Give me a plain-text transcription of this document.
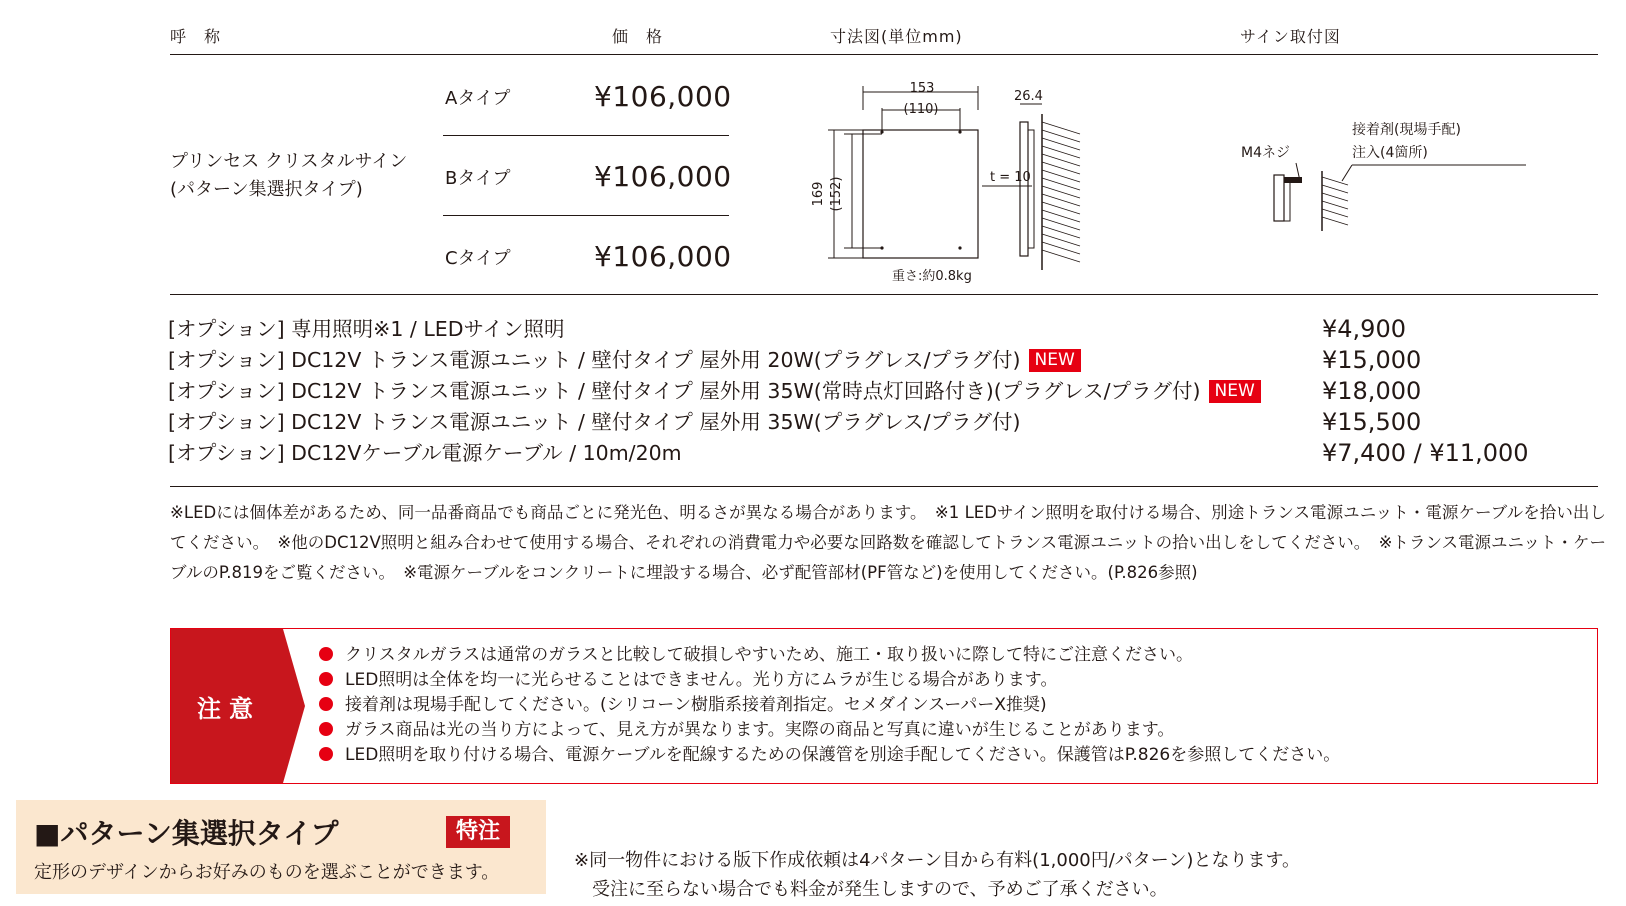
呼　称	価　格	寸法図(単位mm)	サイン取付図
プリンセス クリスタルサイン
(パターン集選択タイプ)
Aタイプ	¥106,000
Bタイプ	¥106,000
Cタイプ	¥106,000
153
(110)
169 (152)
26.4
t = 10
重さ:約0.8kg
接着剤(現場手配)
注入(4箇所)
M4ネジ
[オプション] 専用照明※1 / LEDサイン照明	¥4,900
[オプション] DC12V トランス電源ユニット / 壁付タイプ 屋外用 20W(プラグレス/プラグ付) NEW	¥15,000
[オプション] DC12V トランス電源ユニット / 壁付タイプ 屋外用 35W(常時点灯回路付き)(プラグレス/プラグ付) NEW	¥18,000
[オプション] DC12V トランス電源ユニット / 壁付タイプ 屋外用 35W(プラグレス/プラグ付)	¥15,500
[オプション] DC12Vケーブル電源ケーブル / 10m/20m	¥7,400 / ¥11,000
※LEDには個体差があるため、同一品番商品でも商品ごとに発光色、明るさが異なる場合があります。　※1 LEDサイン照明を取付ける場合、別途トランス電源ユニット・電源ケーブルを拾い出してください。　※他のDC12V照明と組み合わせて使用する場合、それぞれの消費電力や必要な回路数を確認してトランス電源ユニットの拾い出しをしてください。　※トランス電源ユニット・ケーブルのP.819をご覧ください。　※電源ケーブルをコンクリートに埋設する場合、必ず配管部材(PF管など)を使用してください。(P.826参照)
注意
クリスタルガラスは通常のガラスと比較して破損しやすいため、施工・取り扱いに際して特にご注意ください。
LED照明は全体を均一に光らせることはできません。光り方にムラが生じる場合があります。
接着剤は現場手配してください。(シリコーン樹脂系接着剤指定。セメダインスーパーX推奨)
ガラス商品は光の当り方によって、見え方が異なります。実際の商品と写真に違いが生じることがあります。
LED照明を取り付ける場合、電源ケーブルを配線するための保護管を別途手配してください。保護管はP.826を参照してください。
■パターン集選択タイプ	特注
定形のデザインからお好みのものを選ぶことができます。
※同一物件における版下作成依頼は4パターン目から有料(1,000円/パターン)となります。
　受注に至らない場合でも料金が発生しますので、予めご了承ください。
